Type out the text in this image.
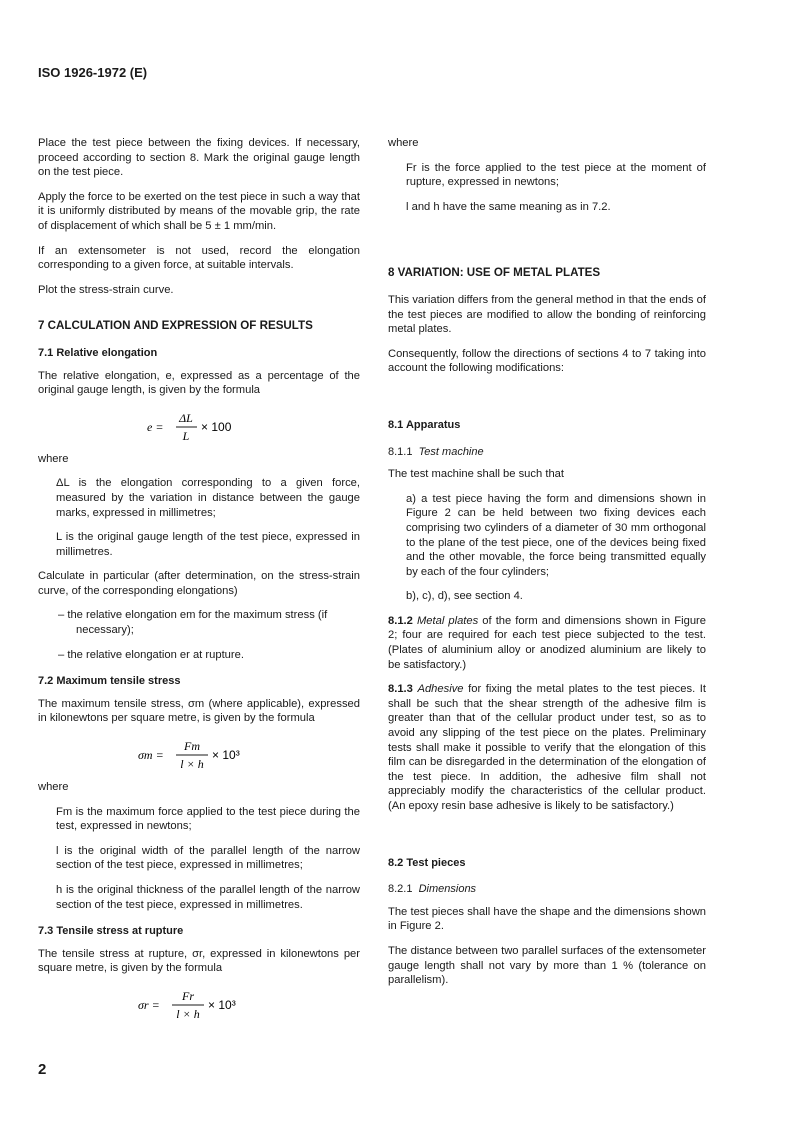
ISO 1926-1972 (E)

Place the test piece between the fixing devices. If necessary, proceed according to section 8. Mark the original gauge length on the test piece.

Apply the force to be exerted on the test piece in such a way that it is uniformly distributed by means of the movable grip, the rate of displacement of which shall be 5 ± 1 mm/min.

If an extensometer is not used, record the elongation corresponding to a given force, at suitable intervals.

Plot the stress-strain curve.

7 CALCULATION AND EXPRESSION OF RESULTS
7.1 Relative elongation

The relative elongation, e, expressed as a percentage of the original gauge length, is given by the formula

e =
ΔL
L
× 100

where

ΔL is the elongation corresponding to a given force, measured by the variation in distance between the gauge marks, expressed in millimetres;

L is the original gauge length of the test piece, expressed in millimetres.

Calculate in particular (after determination, on the stress-strain curve, of the corresponding elongations)

– the relative elongation em for the maximum stress (if necessary);

– the relative elongation er at rupture.

7.2 Maximum tensile stress

The maximum tensile stress, σm (where applicable), expressed in kilonewtons per square metre, is given by the formula

σm =
Fm
l × h
× 10³

where

Fm is the maximum force applied to the test piece during the test, expressed in newtons;

l is the original width of the parallel length of the narrow section of the test piece, expressed in millimetres;

h is the original thickness of the parallel length of the narrow section of the test piece, expressed in millimetres.

7.3 Tensile stress at rupture

The tensile stress at rupture, σr, expressed in kilonewtons per square metre, is given by the formula

σr =
Fr
l × h
× 10³

where

Fr is the force applied to the test piece at the moment of rupture, expressed in newtons;

l and h have the same meaning as in 7.2.

8 VARIATION: USE OF METAL PLATES

This variation differs from the general method in that the ends of the test pieces are modified to allow the bonding of reinforcing metal plates.

Consequently, follow the directions of sections 4 to 7 taking into account the following modifications:

8.1 Apparatus
8.1.1 Test machine

The test machine shall be such that

a) a test piece having the form and dimensions shown in Figure 2 can be held between two fixing devices each comprising two cylinders of a diameter of 30 mm orthogonal to the plane of the test piece, one of the devices being fixed and the other movable, the force being transmitted equally by each of the four cylinders;

b), c), d), see section 4.

8.1.2 Metal plates of the form and dimensions shown in Figure 2; four are required for each test piece subjected to the test. (Plates of aluminium alloy or anodized aluminium are likely to be satisfactory.)

8.1.3 Adhesive for fixing the metal plates to the test pieces. It shall be such that the shear strength of the adhesive film is greater than that of the cellular product under test, so as to avoid any slipping of the test piece on the plates. Preliminary tests shall make it possible to verify that the elongation of this film can be disregarded in the determination of the elongation of the test piece. In addition, the adhesive film shall not appreciably modify the characteristics of the cellular product. (An epoxy resin base adhesive is likely to be satisfactory.)

8.2 Test pieces
8.2.1 Dimensions

The test pieces shall have the shape and the dimensions shown in Figure 2.

The distance between two parallel surfaces of the extensometer gauge length shall not vary by more than 1 % (tolerance on parallelism).

2
